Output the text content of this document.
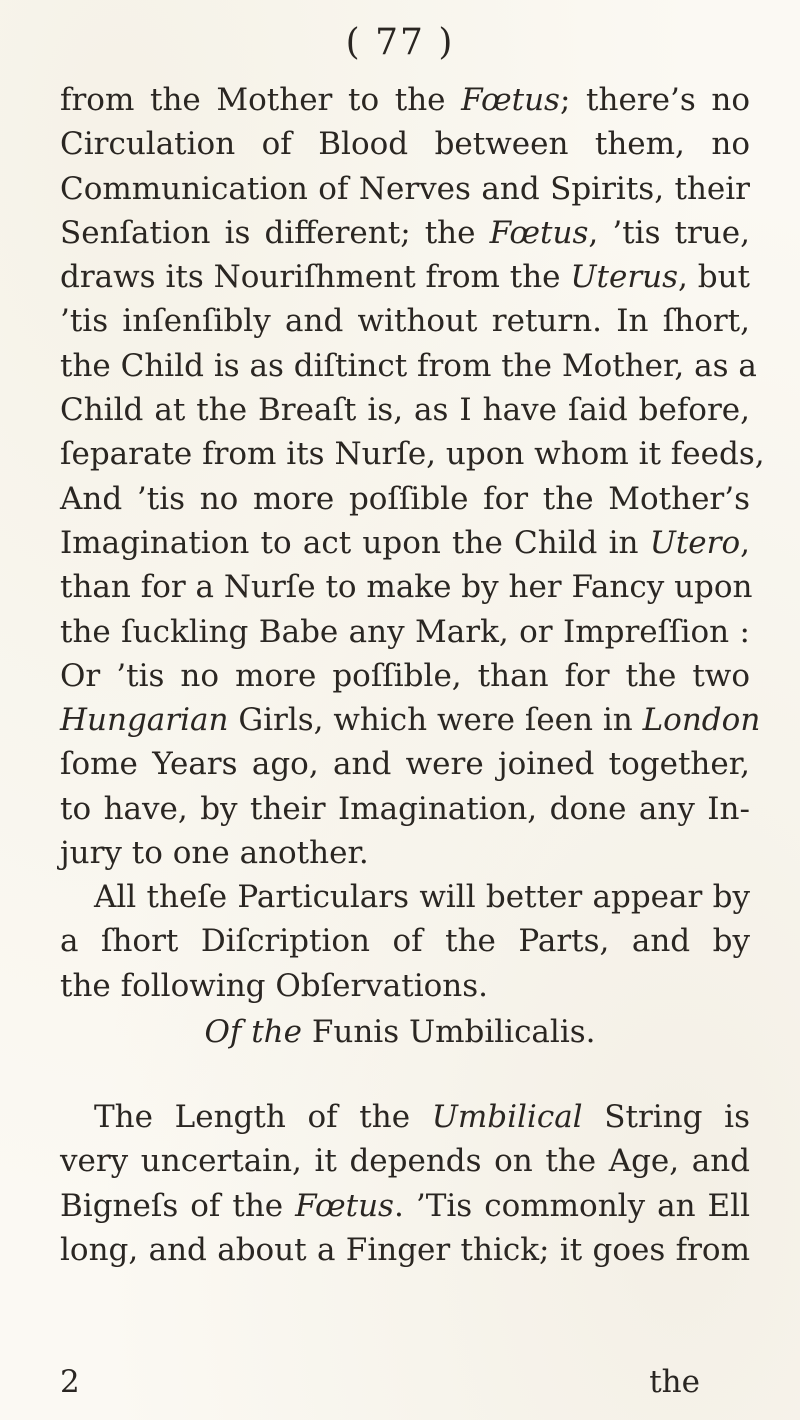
( 77 )
from the Mother to the Fœtus; there’s no
Circulation of Blood between them, no
Communication of Nerves and Spirits, their
Senſation is different; the Fœtus, ’tis true,
draws its Nouriſhment from the Uterus, but
’tis inſenſibly and without return. In ſhort,
the Child is as diſtinct from the Mother, as a
Child at the Breaſt is, as I have ſaid before,
ſeparate from its Nurſe, upon whom it feeds,
And ’tis no more poſſible for the Mother’s
Imagination to act upon the Child in Utero,
than for a Nurſe to make by her Fancy upon
the ſuckling Babe any Mark, or Impreſſion :
Or ’tis no more poſſible, than for the two
Hungarian Girls, which were ſeen in London
ſome Years ago, and were joined together,
to have, by their Imagination, done any In-
jury to one another.
All theſe Particulars will better appear by
a ſhort Diſcription of the Parts, and by
the following Obſervations.
Of the Funis Umbilicalis.
The Length of the Umbilical String is
very uncertain, it depends on the Age, and
Bigneſs of the Fœtus. ’Tis commonly an Ell
long, and about a Finger thick; it goes from
2	the
